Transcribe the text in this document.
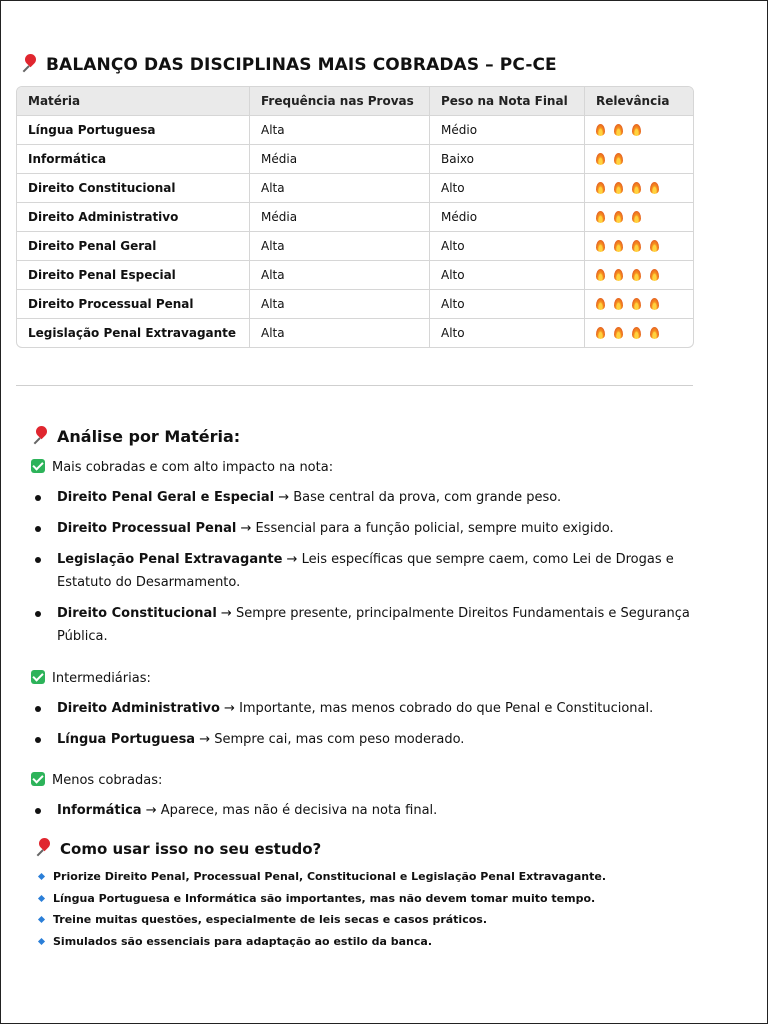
BALANÇO DAS DISCIPLINAS MAIS COBRADAS – PC-CE
Matéria	Frequência nas Provas	Peso na Nota Final	Relevância
Língua Portuguesa	Alta	Médio	
Informática	Média	Baixo	
Direito Constitucional	Alta	Alto	
Direito Administrativo	Média	Médio	
Direito Penal Geral	Alta	Alto	
Direito Penal Especial	Alta	Alto	
Direito Processual Penal	Alta	Alto	
Legislação Penal Extravagante	Alta	Alto	
Análise por Matéria:
Mais cobradas e com alto impacto na nota:
Direito Penal Geral e Especial → Base central da prova, com grande peso.
Direito Processual Penal → Essencial para a função policial, sempre muito exigido.
Legislação Penal Extravagante → Leis específicas que sempre caem, como Lei de Drogas e Estatuto do Desarmamento.
Direito Constitucional → Sempre presente, principalmente Direitos Fundamentais e Segurança Pública.
Intermediárias:
Direito Administrativo → Importante, mas menos cobrado do que Penal e Constitucional.
Língua Portuguesa → Sempre cai, mas com peso moderado.
Menos cobradas:
Informática → Aparece, mas não é decisiva na nota final.
Como usar isso no seu estudo?
Priorize Direito Penal, Processual Penal, Constitucional e Legislação Penal Extravagante.
Língua Portuguesa e Informática são importantes, mas não devem tomar muito tempo.
Treine muitas questões, especialmente de leis secas e casos práticos.
Simulados são essenciais para adaptação ao estilo da banca.
